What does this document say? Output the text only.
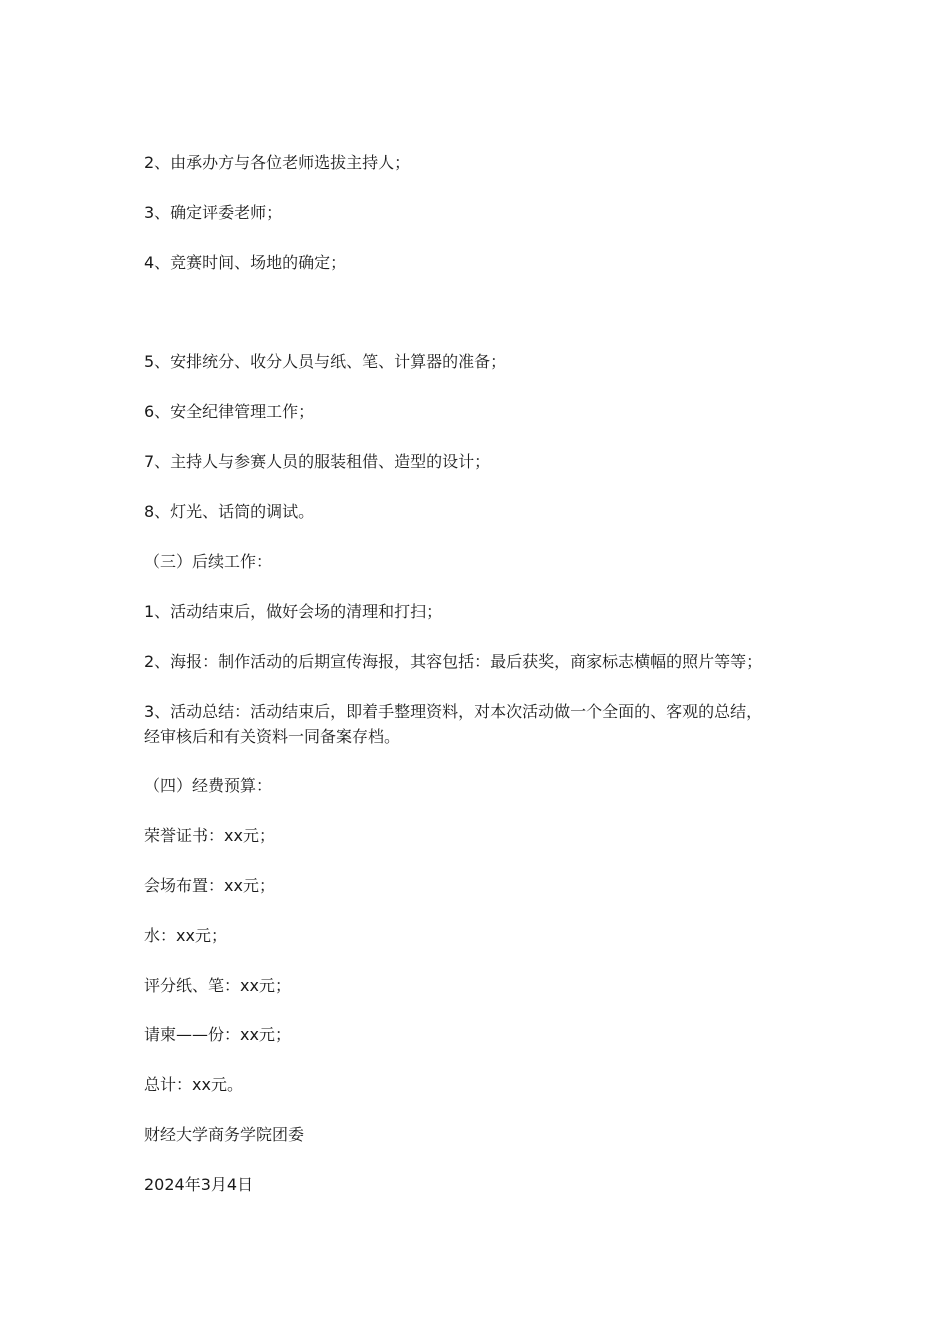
2、由承办方与各位老师选拔主持人；

3、确定评委老师；

4、竞赛时间、场地的确定；

5、安排统分、收分人员与纸、笔、计算器的准备；

6、安全纪律管理工作；

7、主持人与参赛人员的服装租借、造型的设计；

8、灯光、话筒的调试。

（三）后续工作：

1、活动结束后，做好会场的清理和打扫；

2、海报：制作活动的后期宣传海报，其容包括：最后获奖，商家标志横幅的照片等等；

3、活动总结：活动结束后，即着手整理资料，对本次活动做一个全面的、客观的总结，

经审核后和有关资料一同备案存档。

（四）经费预算：

荣誉证书：xx元；

会场布置：xx元；

水：xx元；

评分纸、笔：xx元；

请柬——份：xx元；

总计：xx元。

财经大学商务学院团委

2024年3月4日
